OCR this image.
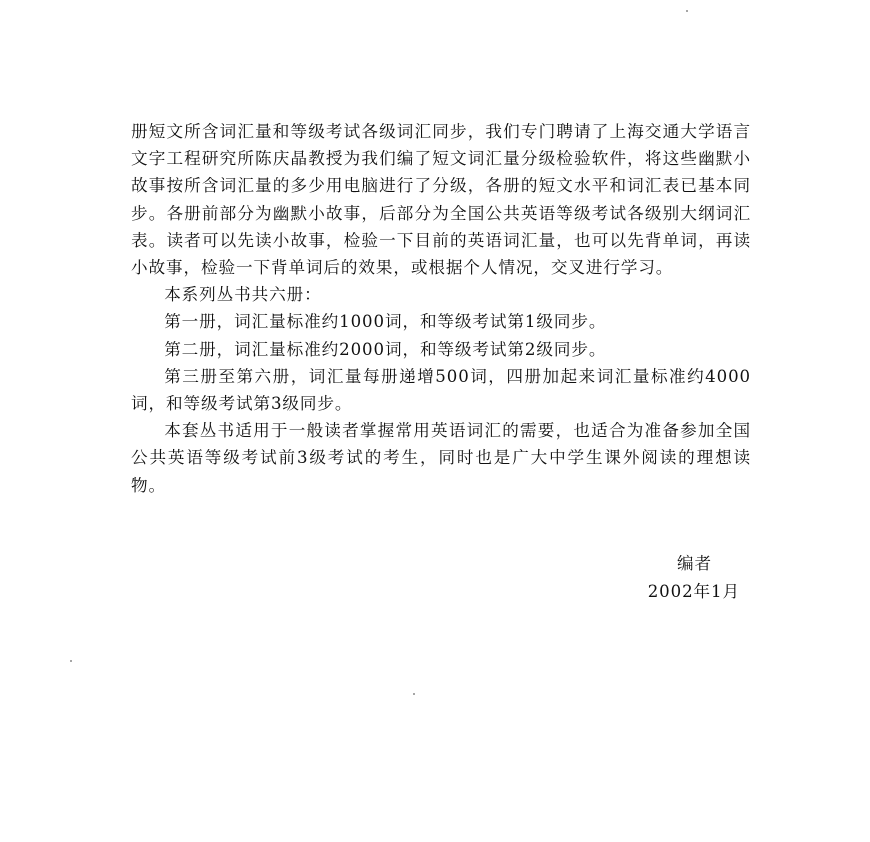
册短文所含词汇量和等级考试各级词汇同步，我们专门聘请了上海交通大学语言文字工程研究所陈庆晶教授为我们编了短文词汇量分级检验软件，将这些幽默小故事按所含词汇量的多少用电脑进行了分级，各册的短文水平和词汇表已基本同步。各册前部分为幽默小故事，后部分为全国公共英语等级考试各级别大纲词汇表。读者可以先读小故事，检验一下目前的英语词汇量，也可以先背单词，再读小故事，检验一下背单词后的效果，或根据个人情况，交叉进行学习。

本系列丛书共六册：

第一册，词汇量标准约1000词，和等级考试第1级同步。

第二册，词汇量标准约2000词，和等级考试第2级同步。

第三册至第六册，词汇量每册递增500词，四册加起来词汇量标准约4000词，和等级考试第3级同步。

本套丛书适用于一般读者掌握常用英语词汇的需要，也适合为准备参加全国公共英语等级考试前3级考试的考生，同时也是广大中学生课外阅读的理想读物。

编者
2002年1月
